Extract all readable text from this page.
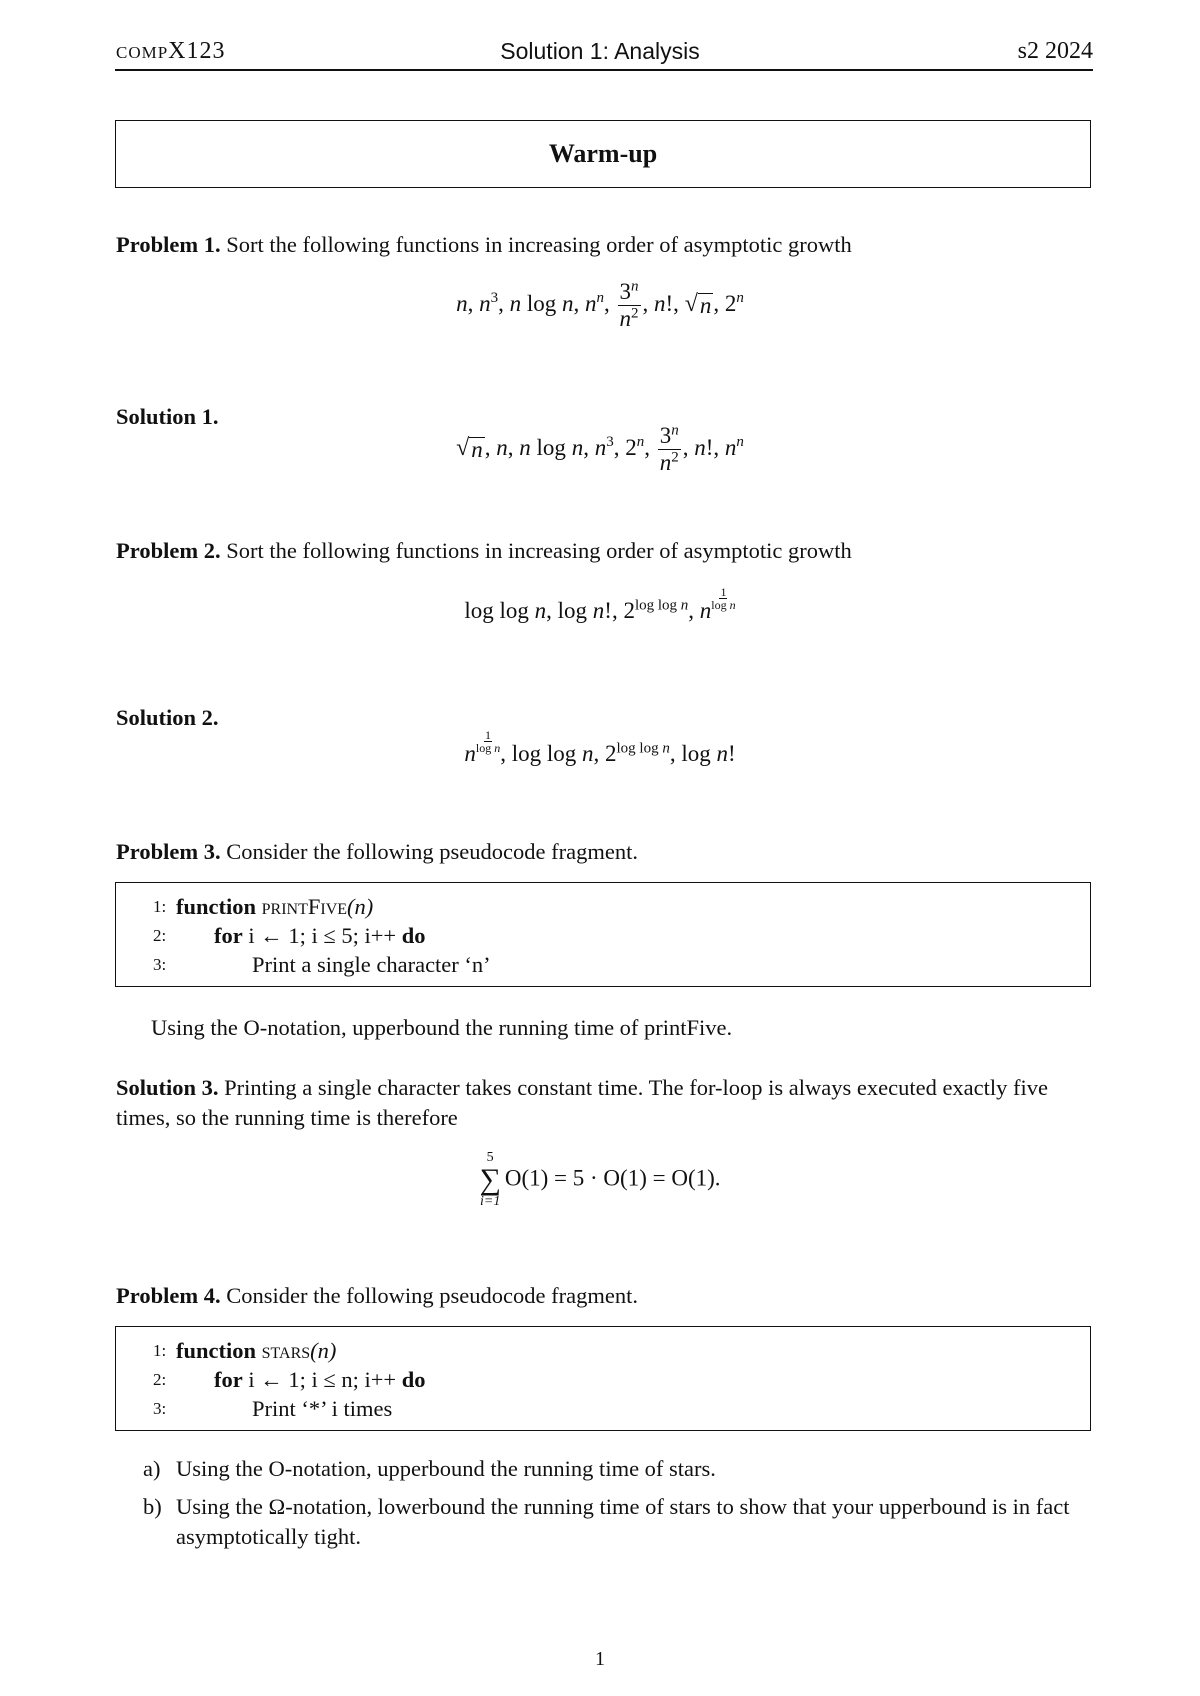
compX123	Solution 1: Analysis	s2 2024
Warm-up
Problem 1. Sort the following functions in increasing order of asymptotic growth
n, $n^3$, n log n, $n^n$, $\frac{3^n}{n^2}$ , n!, √ n , 2$^n$
Solution 1.
√ n , n, n log n, $n^3$, 2$^n$, $\frac{3^n}{n^2}$ , n!, $n^n$
Problem 2. Sort the following functions in increasing order of asymptotic growth
log log n, log n!, $2^{log log n}$, n $\frac{1}{\text{log n}}$
Solution 2.
n $\frac{1}{\text{log n}}$ , log log n, $2^{log log n}$, log n!
Problem 3. Consider the following pseudocode fragment.
1: function printFive(n)
2: for i ← 1; i ≤ 5; i++ do
3:	Print a single character ‘n’
Using the O-notation, upperbound the running time of printFive.
Solution 3. Printing a single character takes constant time. The for-loop is always executed exactly five times, so the running time is therefore
5
∑
i=1
O(1) = 5 · O(1) = O(1).
Problem 4. Consider the following pseudocode fragment.
1: function stars(n)
2: for i ← 1; i ≤ n; i++ do
3:	Print ‘*’ i times
a) Using the O-notation, upperbound the running time of stars.
b) Using the Ω-notation, lowerbound the running time of stars to show that your upperbound is in fact asymptotically tight.
1
